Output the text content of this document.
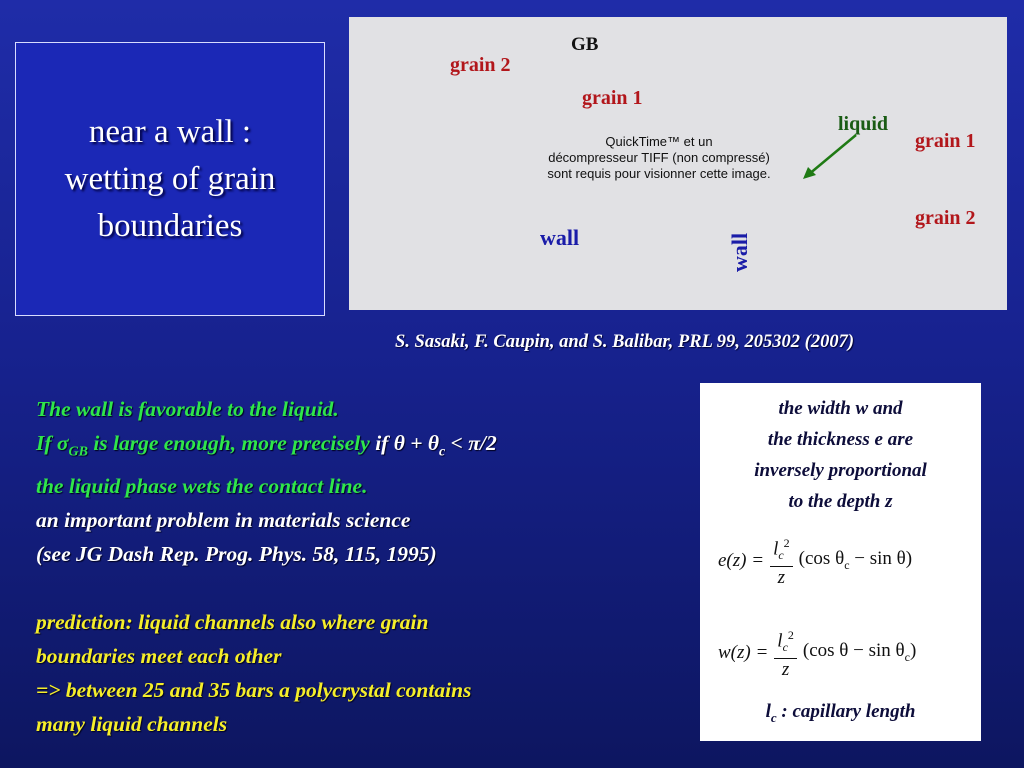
near a wall :
wetting of grain
boundaries
GB
grain 2
grain 1
liquid
grain 1
grain 2
wall	wall
QuickTime™ et un
décompresseur TIFF (non compressé)
sont requis pour visionner cette image.
S. Sasaki, F. Caupin, and S. Balibar, PRL 99, 205302 (2007)
The wall is favorable to the liquid.
If $\sigma_{GB}$ is large enough, more precisely if $\theta + \theta_c < \pi/2$
the liquid phase wets the contact line.
an important problem in materials science
(see JG Dash Rep. Prog. Phys. 58, 115, 1995)
prediction: liquid channels also where grain
boundaries meet each other
=> between 25 and 35 bars a polycrystal contains
many liquid channels
the width w and
the thickness e are
inversely proportional
to the depth z
$e(z) = \frac{l_c^2}{z} (\cos$ $\theta_c - \sin \theta$)
$w(z) = \frac{l_c^2}{z} (\cos$ $\theta - \sin \theta_c$)
$l_c$ : capillary length
